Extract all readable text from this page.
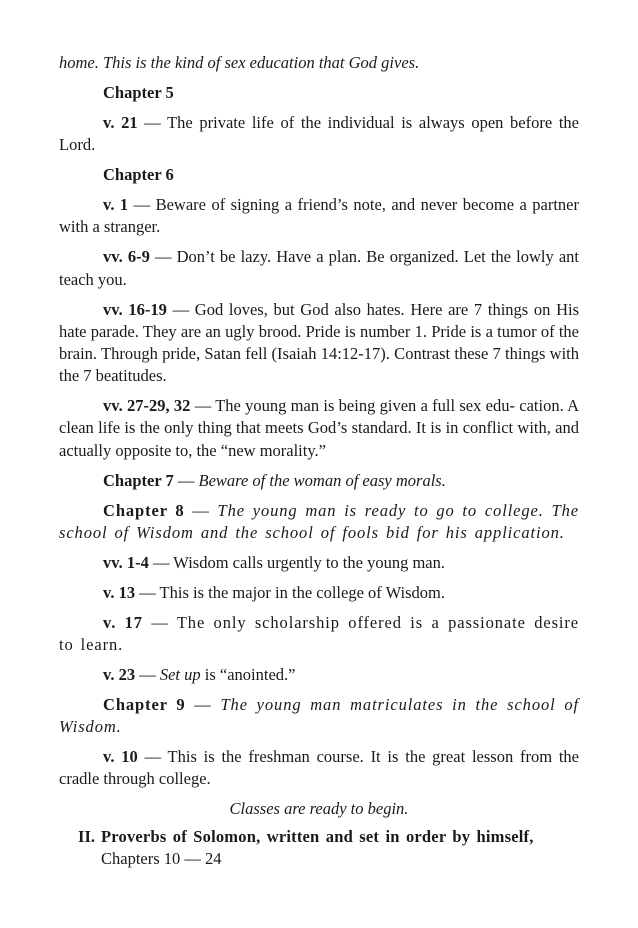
home. This is the kind of sex education that God gives.

Chapter 5

v. 21 — The private life of the individual is always open before the Lord.

Chapter 6

v. 1 — Beware of signing a friend’s note, and never become a partner with a stranger.

vv. 6-9 — Don’t be lazy. Have a plan. Be organized. Let the lowly ant teach you.

vv. 16-19 — God loves, but God also hates. Here are 7 things on His hate parade. They are an ugly brood. Pride is number 1. Pride is a tumor of the brain. Through pride, Satan fell (Isaiah 14:12-17). Contrast these 7 things with the 7 beatitudes.

vv. 27-29, 32 — The young man is being given a full sex edu- cation. A clean life is the only thing that meets God’s standard. It is in conflict with, and actually opposite to, the “new morality.”

Chapter 7 — Beware of the woman of easy morals.

Chapter 8 — The young man is ready to go to college. The school of Wisdom and the school of fools bid for his application.

vv. 1-4 — Wisdom calls urgently to the young man.

v. 13 — This is the major in the college of Wisdom.

v. 17 — The only scholarship offered is a passionate desire to learn.

v. 23 — Set up is “anointed.”

Chapter 9 — The young man matriculates in the school of Wisdom.

v. 10 — This is the freshman course. It is the great lesson from the cradle through college.

Classes are ready to begin.

II. Proverbs of Solomon, written and set in order by himself,
Chapters 10 — 24
